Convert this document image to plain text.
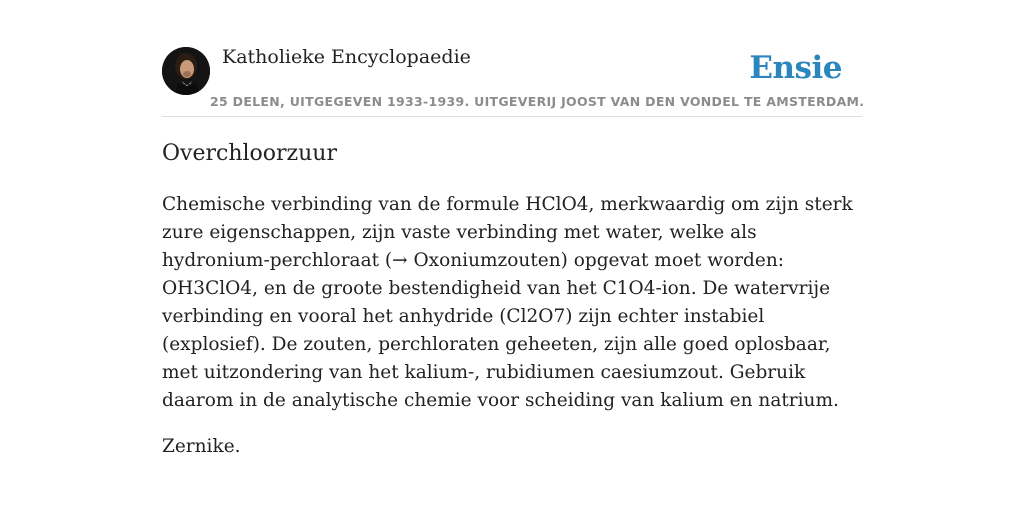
Katholieke Encyclopaedie	Ensie
25 DELEN, UITGEGEVEN 1933-1939. UITGEVERIJ JOOST VAN DEN VONDEL TE AMSTERDAM.
Overchloorzuur

Chemische verbinding van de formule HClO4, merkwaardig om zijn sterk zure eigenschappen, zijn vaste verbinding met water, welke als hydronium-perchloraat (→ Oxoniumzouten) opgevat moet worden: OH3ClO4, en de groote bestendigheid van het C1O4-ion. De watervrije verbinding en vooral het anhydride (Cl2O7) zijn echter instabiel (explosief). De zouten, perchloraten geheeten, zijn alle goed oplosbaar, met uitzondering van het kalium-, rubidiumen caesiumzout. Gebruik daarom in de analytische chemie voor scheiding van kalium en natrium.

Zernike.
